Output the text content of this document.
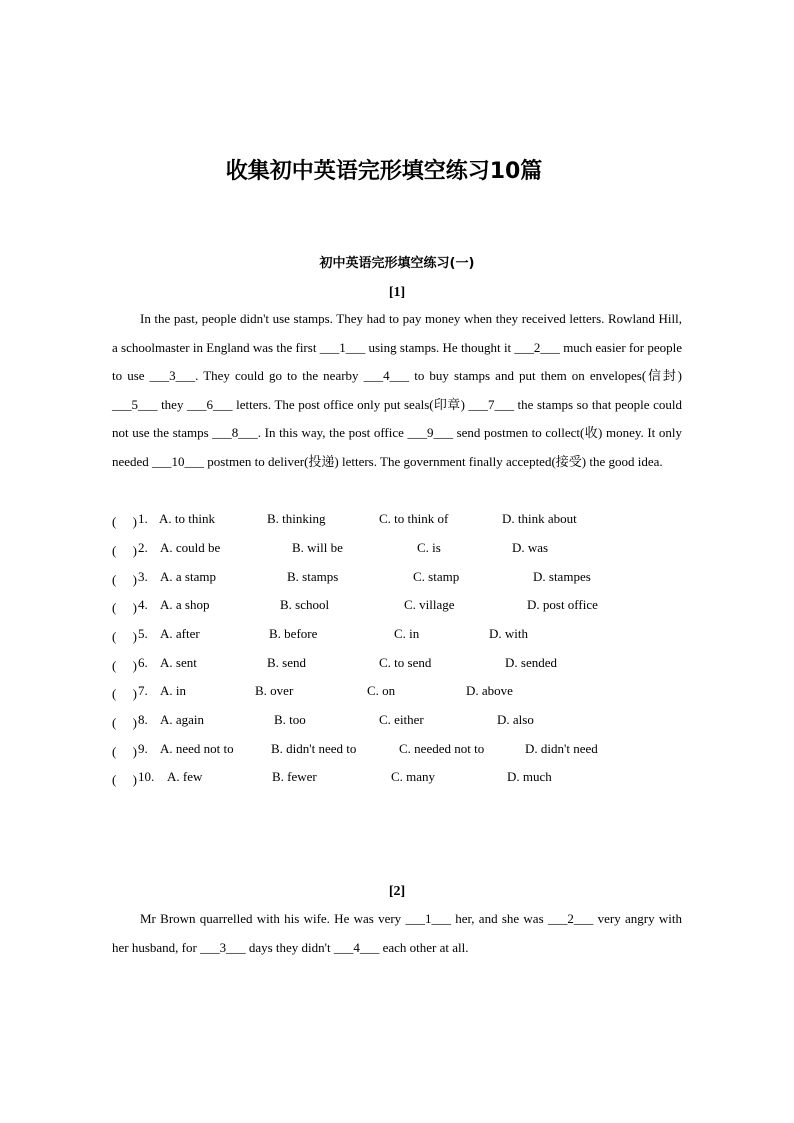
收集初中英语完形填空练习10篇
初中英语完形填空练习(一)
[1]

In the past, people didn't use stamps. They had to pay money when they received letters. Rowland Hill, a schoolmaster in England was the first ___1___ using stamps. He thought it ___2___ much easier for people to use ___3___. They could go to the nearby ___4___ to buy stamps and put them on envelopes(信封) ___5___ they ___6___ letters. The post office only put seals(印章) ___7___ the stamps so that people could not use the stamps ___8___. In this way, the post office ___9___ send postmen to collect(收) money. It only needed ___10___ postmen to deliver(投递) letters. The government finally accepted(接受) the good idea.

(　 ) 1. A. to think	B. thinking	C. to think of	D. think about
(　 ) 2. A. could be	B. will be	C. is	D. was
(　 ) 3. A. a stamp	B. stamps	C. stamp	D. stampes
(　 ) 4. A. a shop	B. school	C. village	D. post office
(　 ) 5. A. after	B. before	C. in	D. with
(　 ) 6. A. sent	B. send	C. to send	D. sended
(　 ) 7. A. in	B. over	C. on	D. above
(　 ) 8. A. again	B. too	C. either	D. also
(　 ) 9. A. need not to	B. didn't need to	C. needed not to	D. didn't need
(　 ) 10. A. few	B. fewer	C. many	D. much
[2]

Mr Brown quarrelled with his wife. He was very ___1___ her, and she was ___2___ very angry with her husband, for ___3___ days they didn't ___4___ each other at all.
